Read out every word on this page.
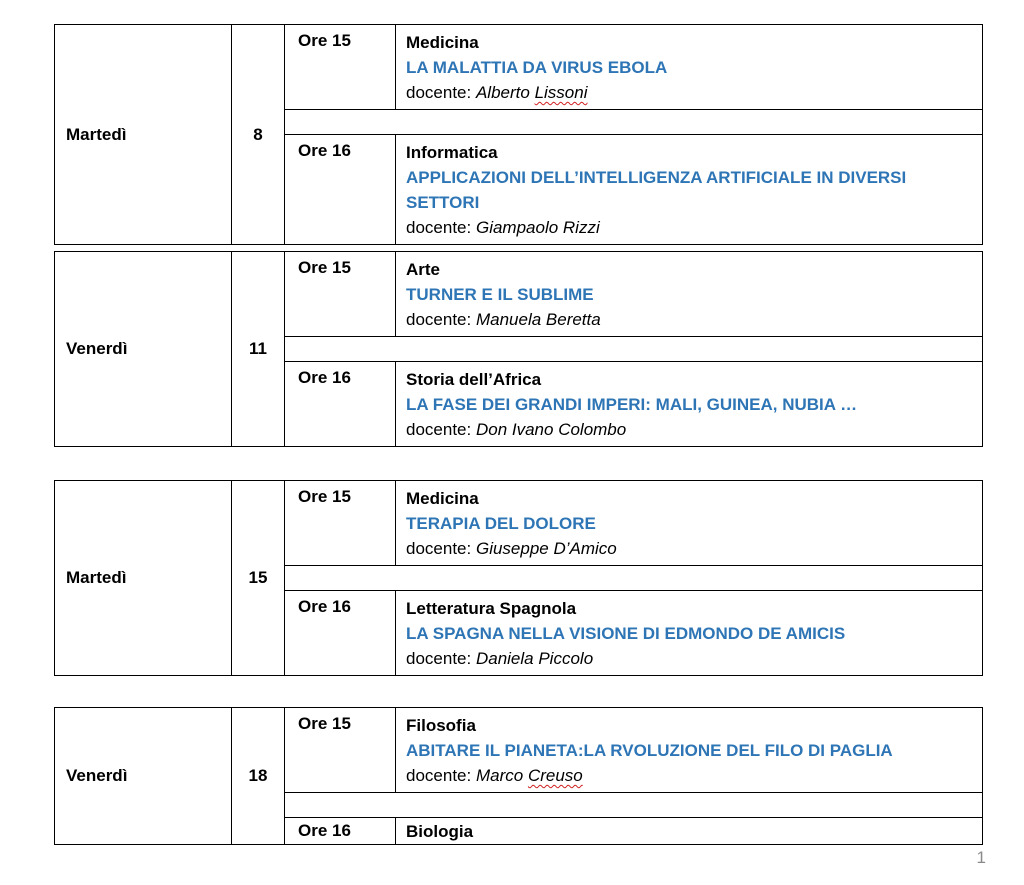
Martedì	8	Ore 15	Medicina
LA MALATTIA DA VIRUS EBOLA
docente: Alberto Lissoni

		Ore 16	Informatica
APPLICAZIONI DELL’INTELLIGENZA ARTIFICIALE IN DIVERSI SETTORI
docente: Giampaolo Rizzi
Venerdì	11	Ore 15	Arte
TURNER E IL SUBLIME
docente: Manuela Beretta

		Ore 16	Storia dell’Africa
LA FASE DEI GRANDI IMPERI: MALI, GUINEA, NUBIA …
docente: Don Ivano Colombo
Martedì	15	Ore 15	Medicina
TERAPIA DEL DOLORE
docente: Giuseppe D’Amico

		Ore 16	Letteratura Spagnola
LA SPAGNA NELLA VISIONE DI EDMONDO DE AMICIS
docente: Daniela Piccolo
Venerdì	18	Ore 15	Filosofia
ABITARE IL PIANETA:LA RVOLUZIONE DEL FILO DI PAGLIA
docente: Marco Creuso

		Ore 16	Biologia
1
